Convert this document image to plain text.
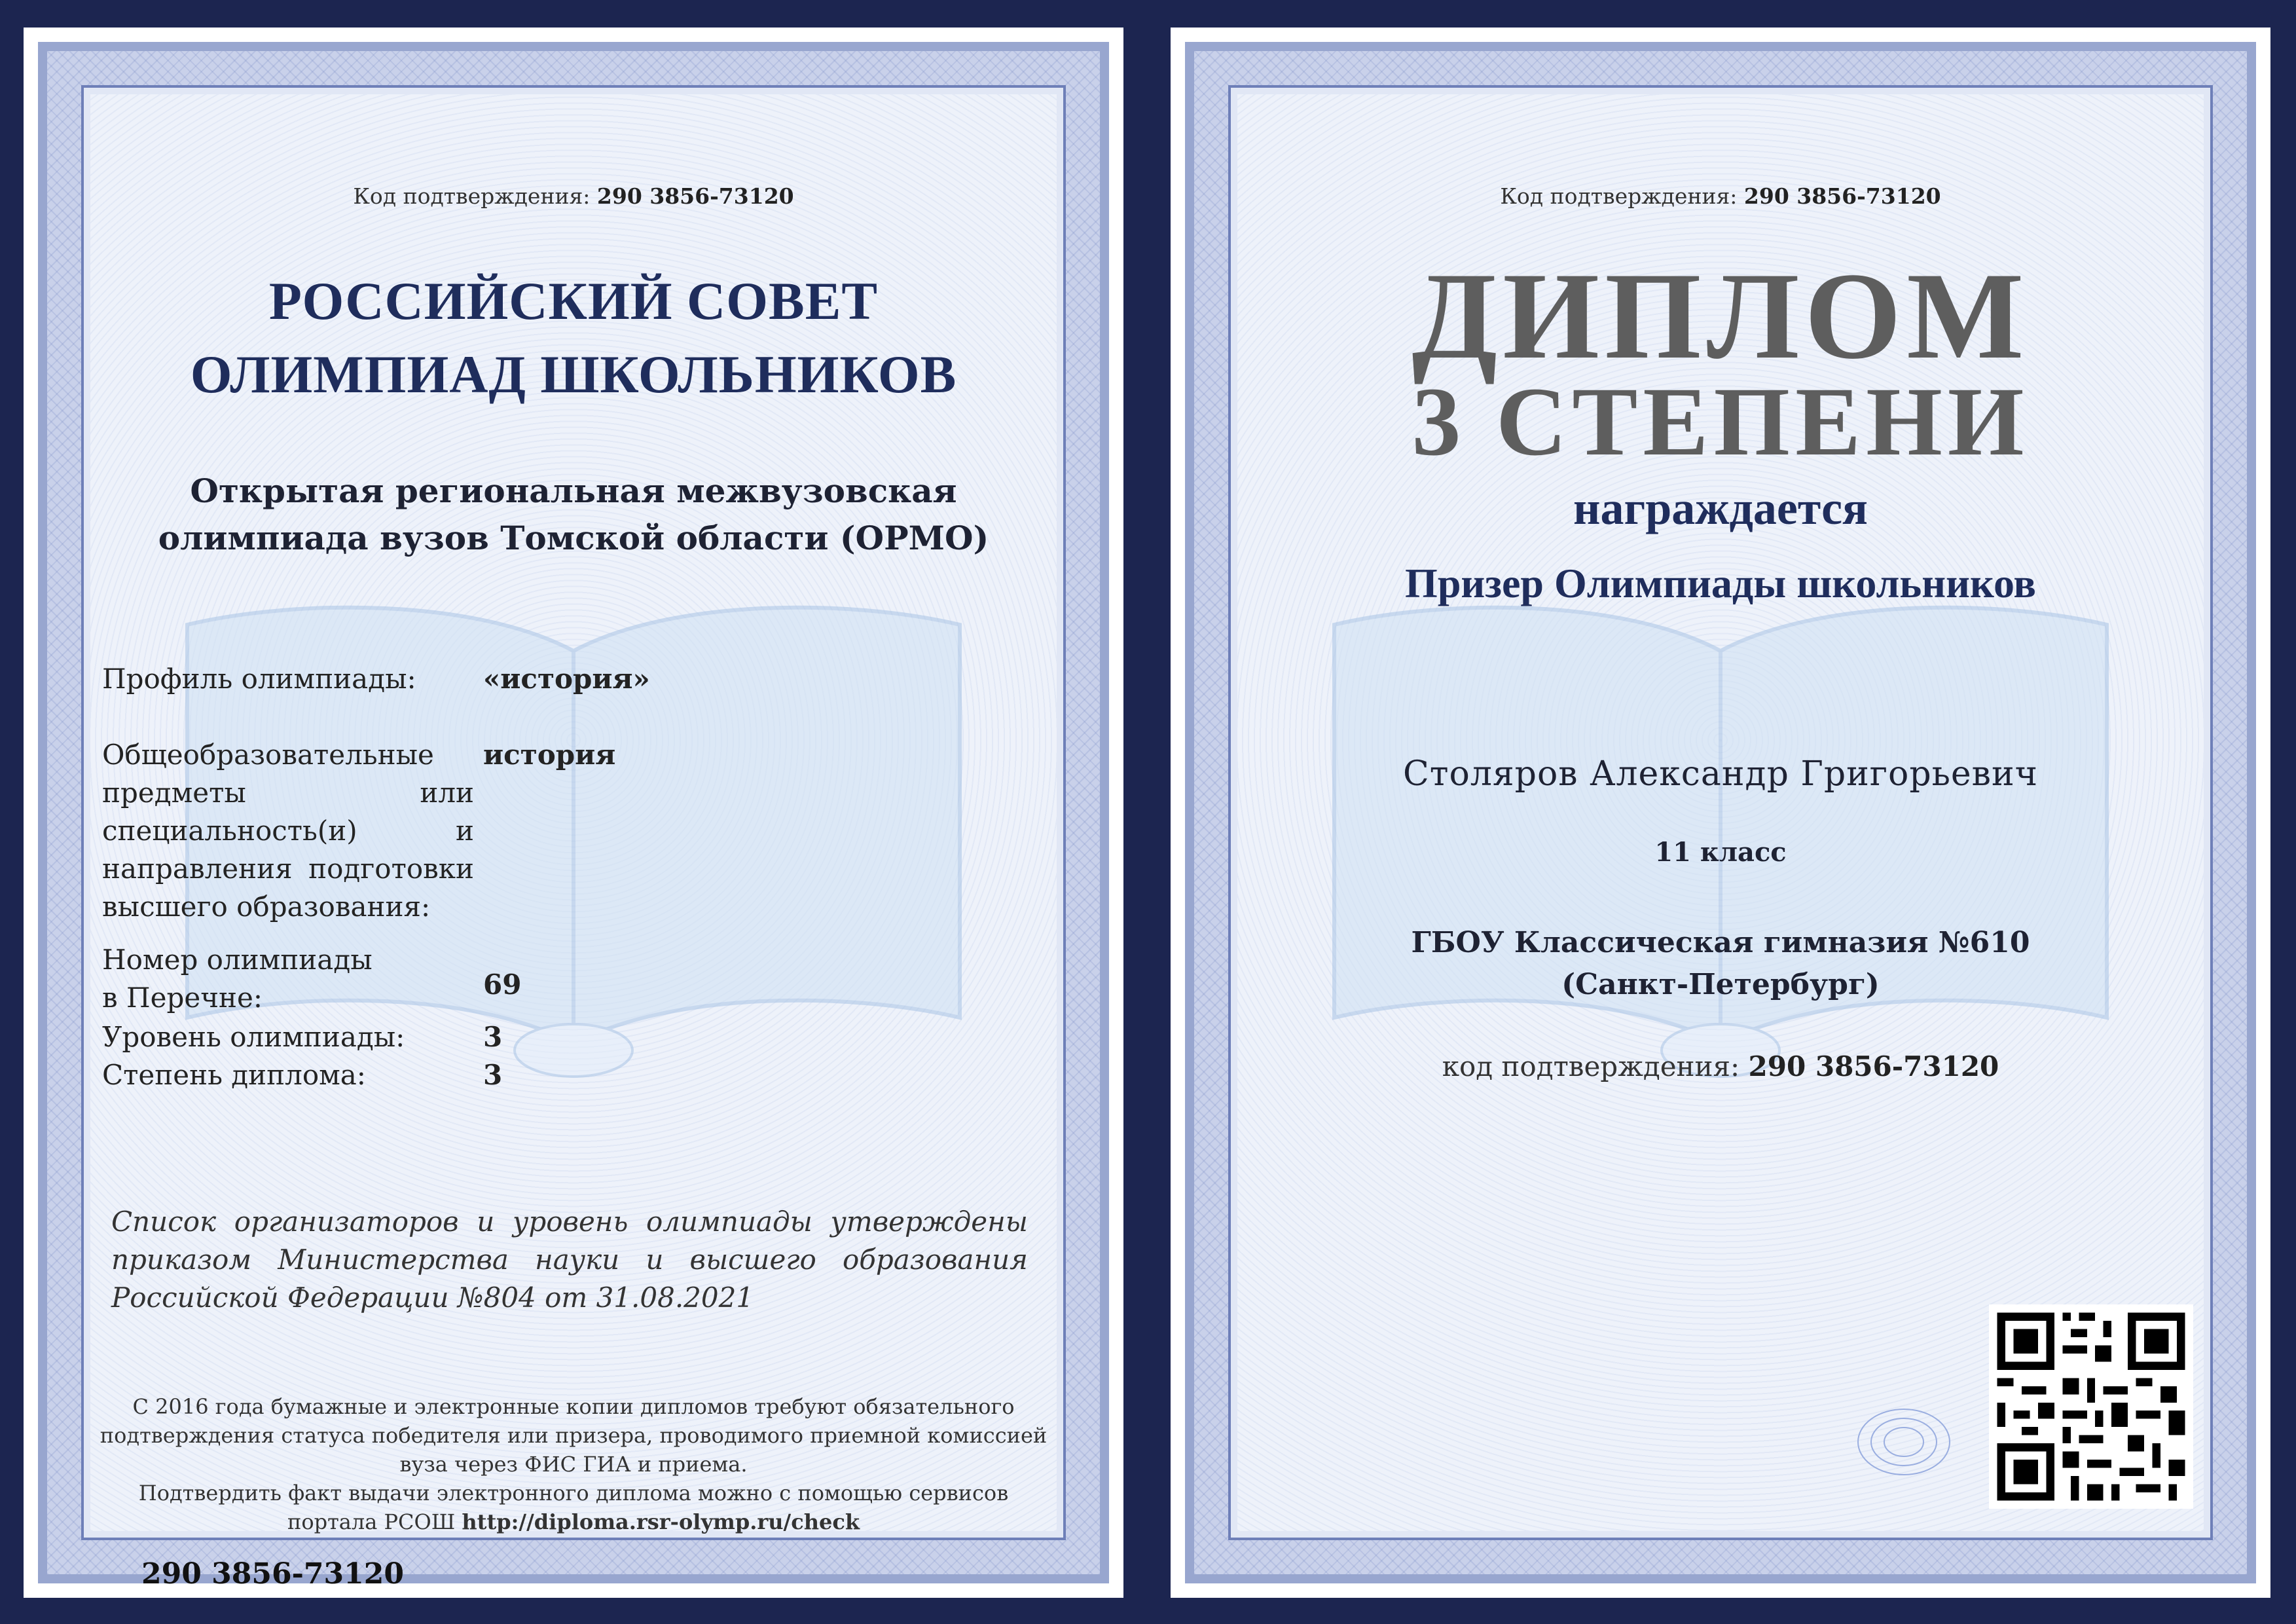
Код подтверждения: 290 3856-73120
РОССИЙСКИЙ СОВЕТ
ОЛИМПИАД ШКОЛЬНИКОВ
Открытая региональная межвузовская
олимпиада вузов Томской области (ОРМО)
Профиль олимпиады:	«история»
Общеобразовательные предметы или специальность(и) и направления подготовки высшего образования:
история
Номер олимпиады
в Перечне:	69
Уровень олимпиады:	3
Степень диплома:	3
Список организаторов и уровень олимпиады утверждены приказом Министерства науки и высшего образования Российской Федерации №804 от 31.08.2021
С 2016 года бумажные и электронные копии дипломов требуют обязательного
подтверждения статуса победителя или призера, проводимого приемной комиссией
вуза через ФИС ГИА и приема.
Подтвердить факт выдачи электронного диплома можно с помощью сервисов
портала РСОШ http://diploma.rsr-olymp.ru/check
290 3856-73120
Код подтверждения: 290 3856-73120
ДИПЛОМ
3 СТЕПЕНИ
награждается
Призер Олимпиады школьников
Столяров Александр Григорьевич
11 класс
ГБОУ Классическая гимназия №610
(Санкт-Петербург)
код подтверждения: 290 3856-73120
